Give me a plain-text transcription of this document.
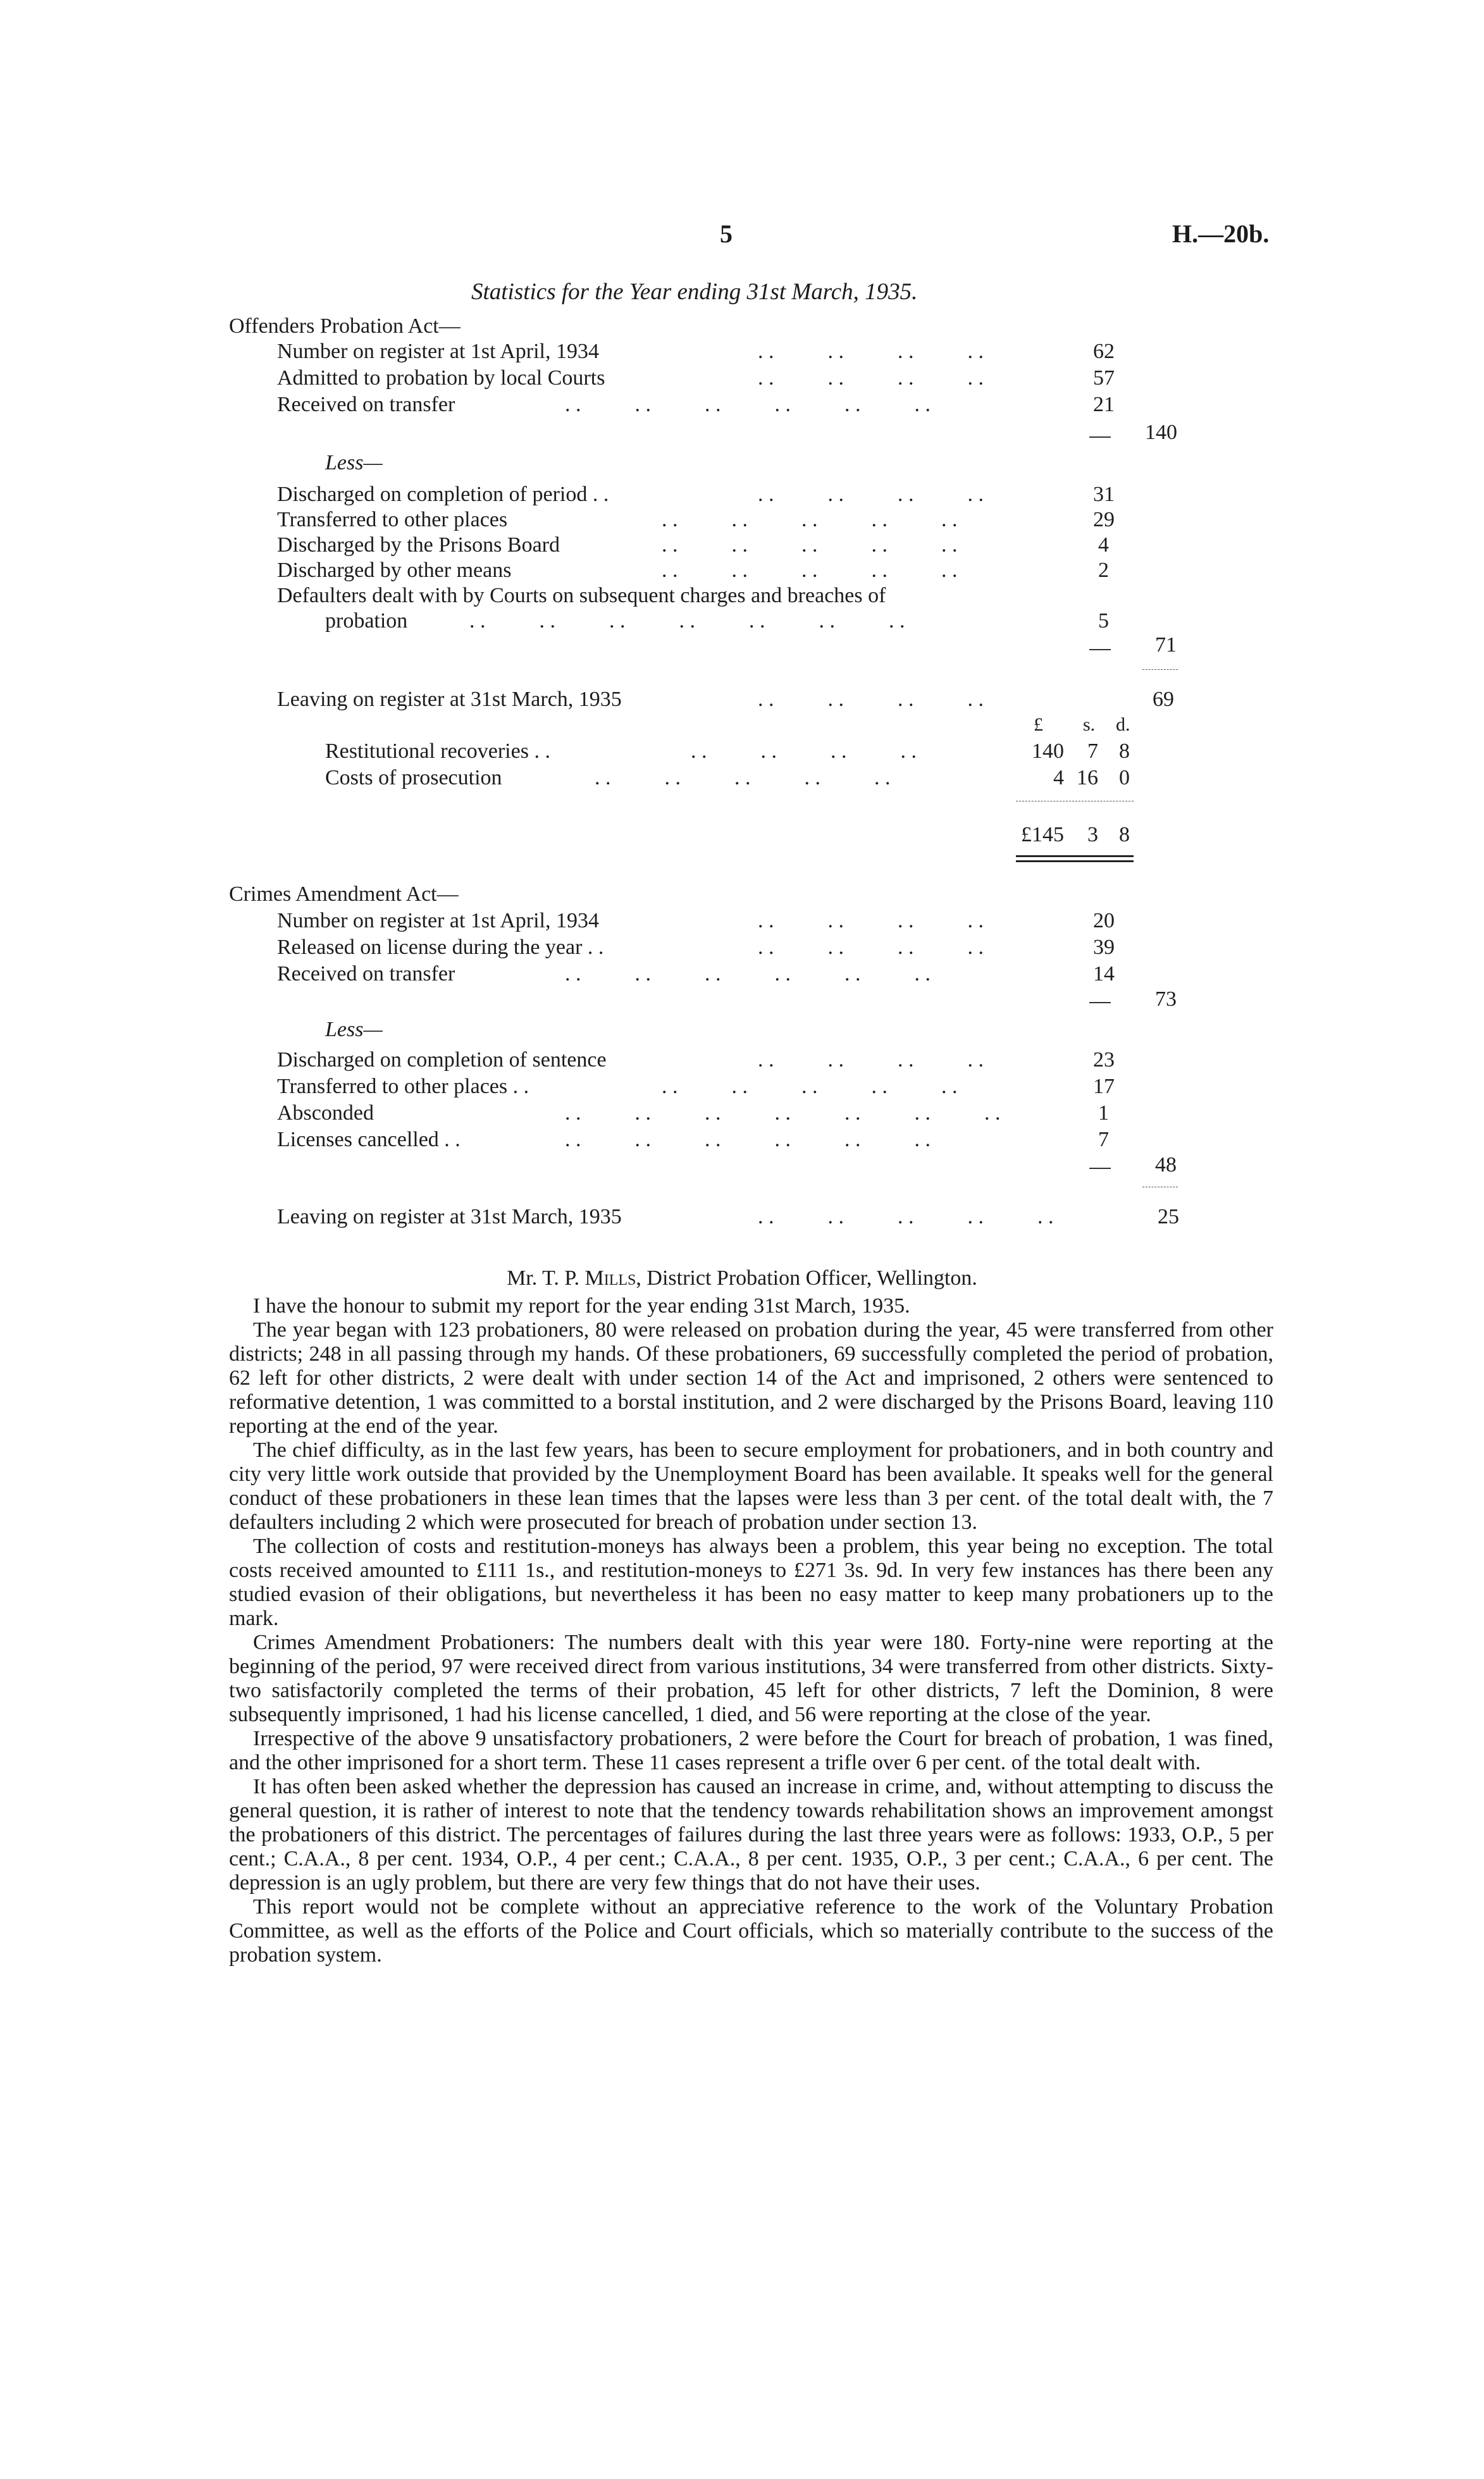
5	H.—20b.
Statistics for the Year ending 31st March, 1935.
Offenders Probation Act—
Number on register at 1st April, 1934	. .          . .          . .          . .	62
Admitted to probation by local Courts	. .          . .          . .          . .	57
Received on transfer	. .          . .          . .          . .          . .          . .	21
140
Less—
Discharged on completion of period . .	. .          . .          . .          . .	31
Transferred to other places	. .          . .          . .          . .          . .	29
Discharged by the Prisons Board	. .          . .          . .          . .          . .	4
Discharged by other means	. .          . .          . .          . .          . .	2
Defaulters dealt with by Courts on subsequent charges and breaches of
probation	. .          . .          . .          . .          . .          . .          . .	5
71
Leaving on register at 31st March, 1935	. .          . .          . .          . .	69
£ s. d.
Restitutional recoveries . .	. .          . .          . .          . .	140	7 8
Costs of prosecution	. .          . .          . .          . .          . .	4 16 0
£145	3 8
Crimes Amendment Act—
Number on register at 1st April, 1934	. .          . .          . .          . .	20
Released on license during the year . .	. .          . .          . .          . .	39
Received on transfer	. .          . .          . .          . .          . .          . .	14
73
Less—
Discharged on completion of sentence	. .          . .          . .          . .	23
Transferred to other places . .	. .          . .          . .          . .          . .	17
Absconded	. .          . .          . .          . .          . .          . .          . .	1
Licenses cancelled . .	. .          . .          . .          . .          . .          . .	7
48
Leaving on register at 31st March, 1935	. .          . .          . .          . .          . .	25
Mr. T. P. Mills, District Probation Officer, Wellington.

I have the honour to submit my report for the year ending 31st March, 1935.

The year began with 123 probationers, 80 were released on probation during the year, 45 were transferred from other districts; 248 in all passing through my hands. Of these probationers, 69 successfully completed the period of probation, 62 left for other districts, 2 were dealt with under section 14 of the Act and imprisoned, 2 others were sentenced to reformative detention, 1 was committed to a borstal institution, and 2 were discharged by the Prisons Board, leaving 110 reporting at the end of the year.

The chief difficulty, as in the last few years, has been to secure employment for probationers, and in both country and city very little work outside that provided by the Unemployment Board has been available. It speaks well for the general conduct of these probationers in these lean times that the lapses were less than 3 per cent. of the total dealt with, the 7 defaulters including 2 which were prosecuted for breach of probation under section 13.

The collection of costs and restitution-moneys has always been a problem, this year being no exception. The total costs received amounted to £111 1s., and restitution-moneys to £271 3s. 9d. In very few instances has there been any studied evasion of their obligations, but nevertheless it has been no easy matter to keep many probationers up to the mark.

Crimes Amendment Probationers: The numbers dealt with this year were 180. Forty-nine were reporting at the beginning of the period, 97 were received direct from various institutions, 34 were transferred from other districts. Sixty-two satisfactorily completed the terms of their probation, 45 left for other districts, 7 left the Dominion, 8 were subsequently imprisoned, 1 had his license cancelled, 1 died, and 56 were reporting at the close of the year.

Irrespective of the above 9 unsatisfactory probationers, 2 were before the Court for breach of probation, 1 was fined, and the other imprisoned for a short term. These 11 cases represent a trifle over 6 per cent. of the total dealt with.

It has often been asked whether the depression has caused an increase in crime, and, without attempting to discuss the general question, it is rather of interest to note that the tendency towards rehabilitation shows an improvement amongst the probationers of this district. The percentages of failures during the last three years were as follows: 1933, O.P., 5 per cent.; C.A.A., 8 per cent. 1934, O.P., 4 per cent.; C.A.A., 8 per cent. 1935, O.P., 3 per cent.; C.A.A., 6 per cent. The depression is an ugly problem, but there are very few things that do not have their uses.

This report would not be complete without an appreciative reference to the work of the Voluntary Probation Committee, as well as the efforts of the Police and Court officials, which so materially contribute to the success of the probation system.
